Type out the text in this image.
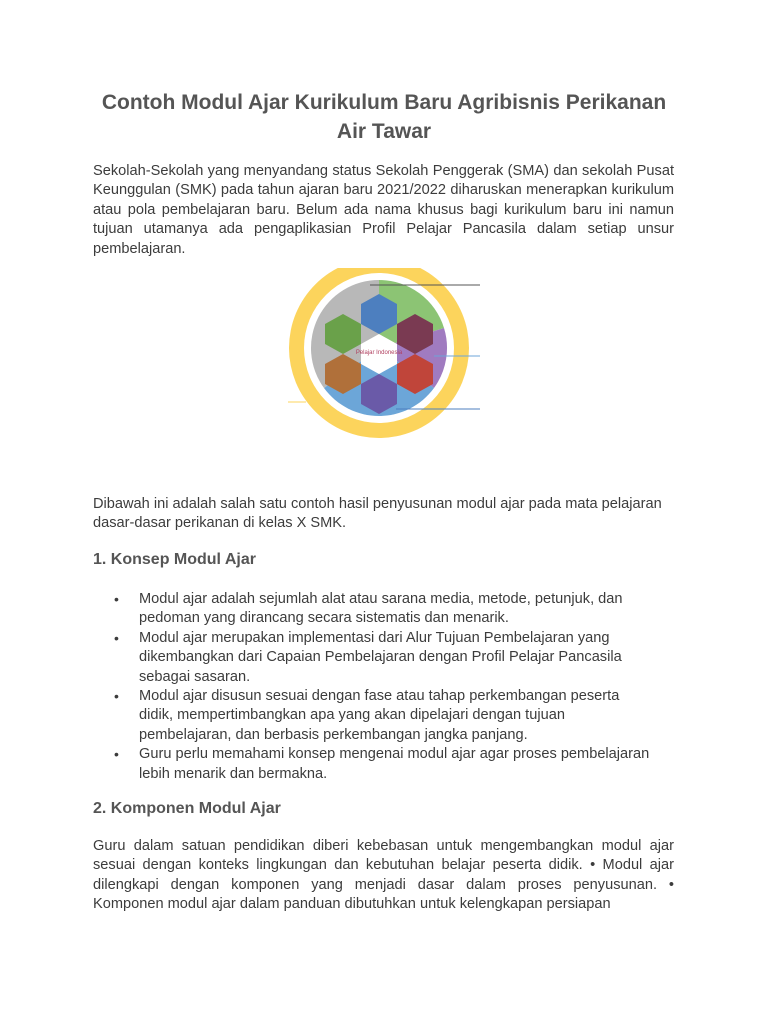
Contoh Modul Ajar Kurikulum Baru Agribisnis Perikanan Air Tawar

Sekolah-Sekolah yang menyandang status Sekolah Penggerak (SMA) dan sekolah Pusat Keunggulan (SMK) pada tahun ajaran baru 2021/2022 diharuskan menerapkan kurikulum atau pola pembelajaran baru. Belum ada nama khusus bagi kurikulum baru ini namun tujuan utamanya ada pengaplikasian Profil Pelajar Pancasila dalam setiap unsur pembelajaran.

Pelajar Indonesia

Dibawah ini adalah salah satu contoh hasil penyusunan modul ajar pada mata pelajaran dasar-dasar perikanan di kelas X SMK.

1. Konsep Modul Ajar
• Modul ajar adalah sejumlah alat atau sarana media, metode, petunjuk, dan pedoman yang dirancang secara sistematis dan menarik.
• Modul ajar merupakan implementasi dari Alur Tujuan Pembelajaran yang dikembangkan dari Capaian Pembelajaran dengan Profil Pelajar Pancasila sebagai sasaran.
• Modul ajar disusun sesuai dengan fase atau tahap perkembangan peserta didik, mempertimbangkan apa yang akan dipelajari dengan tujuan pembelajaran, dan berbasis perkembangan jangka panjang.
• Guru perlu memahami konsep mengenai modul ajar agar proses pembelajaran lebih menarik dan bermakna.
2. Komponen Modul Ajar

Guru dalam satuan pendidikan diberi kebebasan untuk mengembangkan modul ajar sesuai dengan konteks lingkungan dan kebutuhan belajar peserta didik. • Modul ajar dilengkapi dengan komponen yang menjadi dasar dalam proses penyusunan. • Komponen modul ajar dalam panduan dibutuhkan untuk kelengkapan persiapan
